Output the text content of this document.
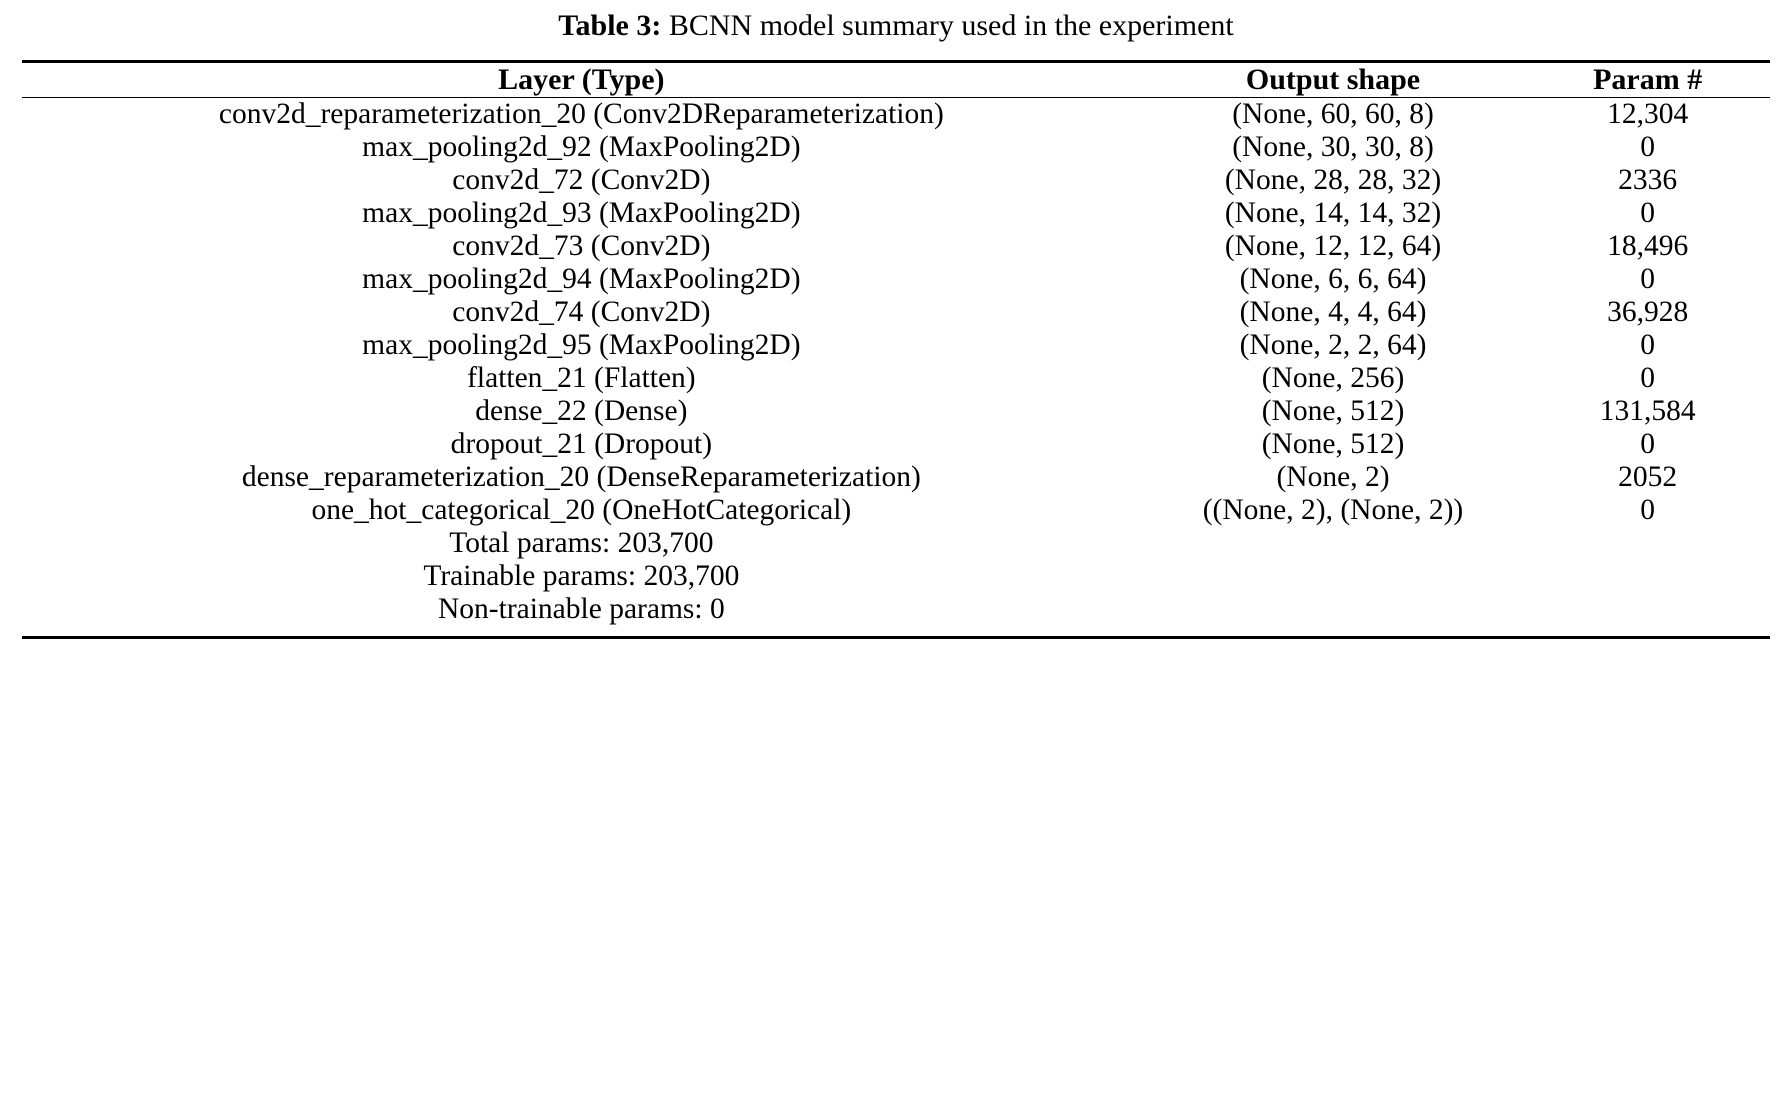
Table 3: BCNN model summary used in the experiment
Layer (Type)	Output shape	Param #
conv2d_reparameterization_20 (Conv2DReparameterization)	(None, 60, 60, 8)	12,304
max_pooling2d_92 (MaxPooling2D)	(None, 30, 30, 8)	0
conv2d_72 (Conv2D)	(None, 28, 28, 32)	2336
max_pooling2d_93 (MaxPooling2D)	(None, 14, 14, 32)	0
conv2d_73 (Conv2D)	(None, 12, 12, 64)	18,496
max_pooling2d_94 (MaxPooling2D)	(None, 6, 6, 64)	0
conv2d_74 (Conv2D)	(None, 4, 4, 64)	36,928
max_pooling2d_95 (MaxPooling2D)	(None, 2, 2, 64)	0
flatten_21 (Flatten)	(None, 256)	0
dense_22 (Dense)	(None, 512)	131,584
dropout_21 (Dropout)	(None, 512)	0
dense_reparameterization_20 (DenseReparameterization)	(None, 2)	2052
one_hot_categorical_20 (OneHotCategorical)	((None, 2), (None, 2))	0
Total params: 203,700		
Trainable params: 203,700		
Non-trainable params: 0		
